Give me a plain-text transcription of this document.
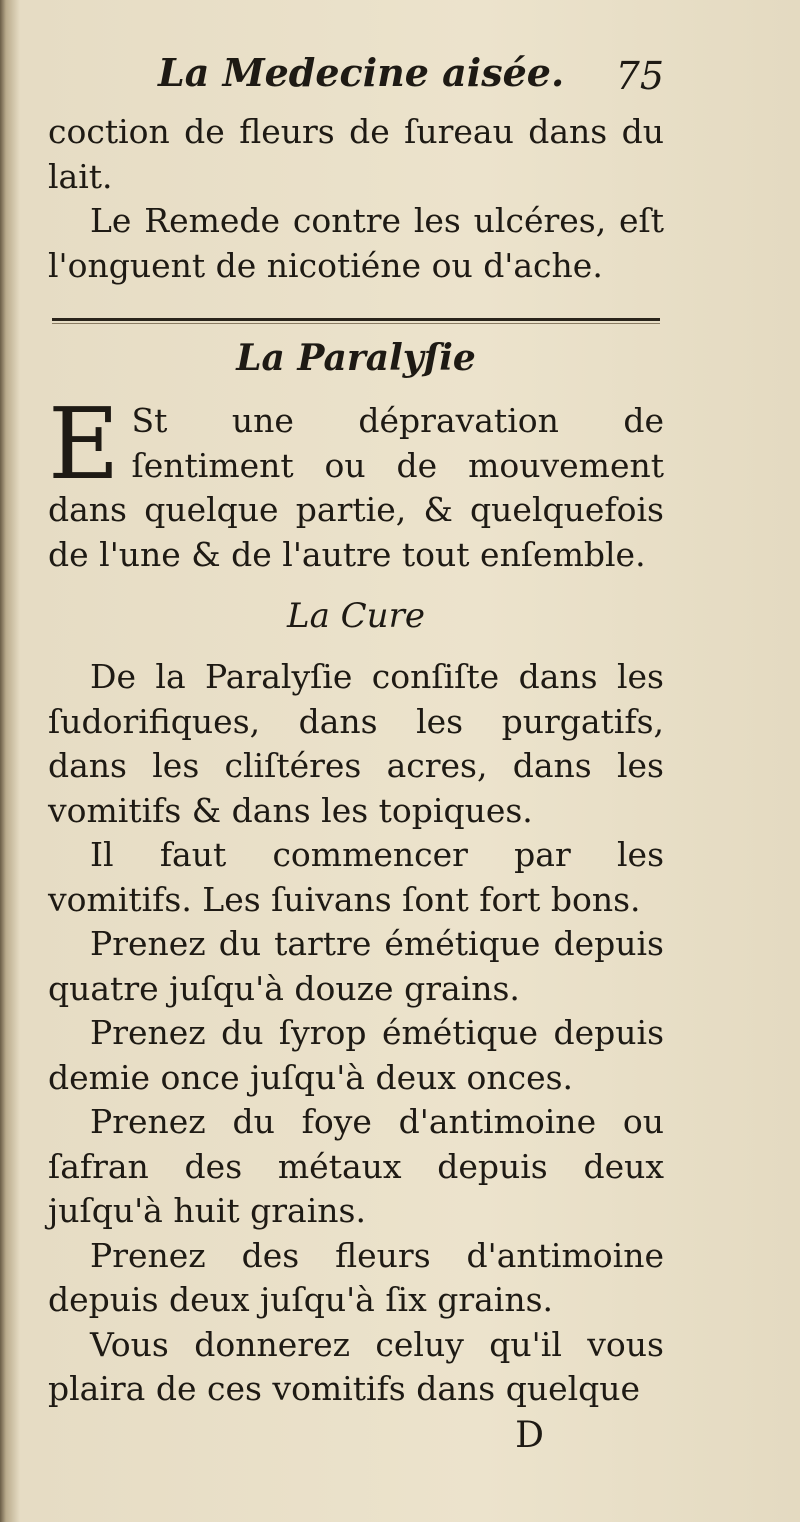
La Medecine aisée. 75

coction de fleurs de ſureau dans du lait.

Le Remede contre les ulcéres, eſt l'onguent de nicotiéne ou d'ache.

La Paralyſie
E St une dépravation de ſentiment ou de mouvement dans quelque partie, & quelquefois de l'une & de l'autre tout enſemble.

La Cure

De la Paralyſie conſiſte dans les ſudorifiques, dans les purgatifs, dans les cliſtéres acres, dans les vomitifs & dans les topiques.

Il faut commencer par les vomitifs. Les ſuivans ſont fort bons.

Prenez du tartre émétique depuis quatre juſqu'à douze grains.

Prenez du ſyrop émétique depuis demie once juſqu'à deux onces.

Prenez du foye d'antimoine ou ſafran des métaux depuis deux juſqu'à huit grains.

Prenez des fleurs d'antimoine depuis deux juſqu'à ſix grains.

Vous donnerez celuy qu'il vous plaira de ces vomitifs dans quelque

D
